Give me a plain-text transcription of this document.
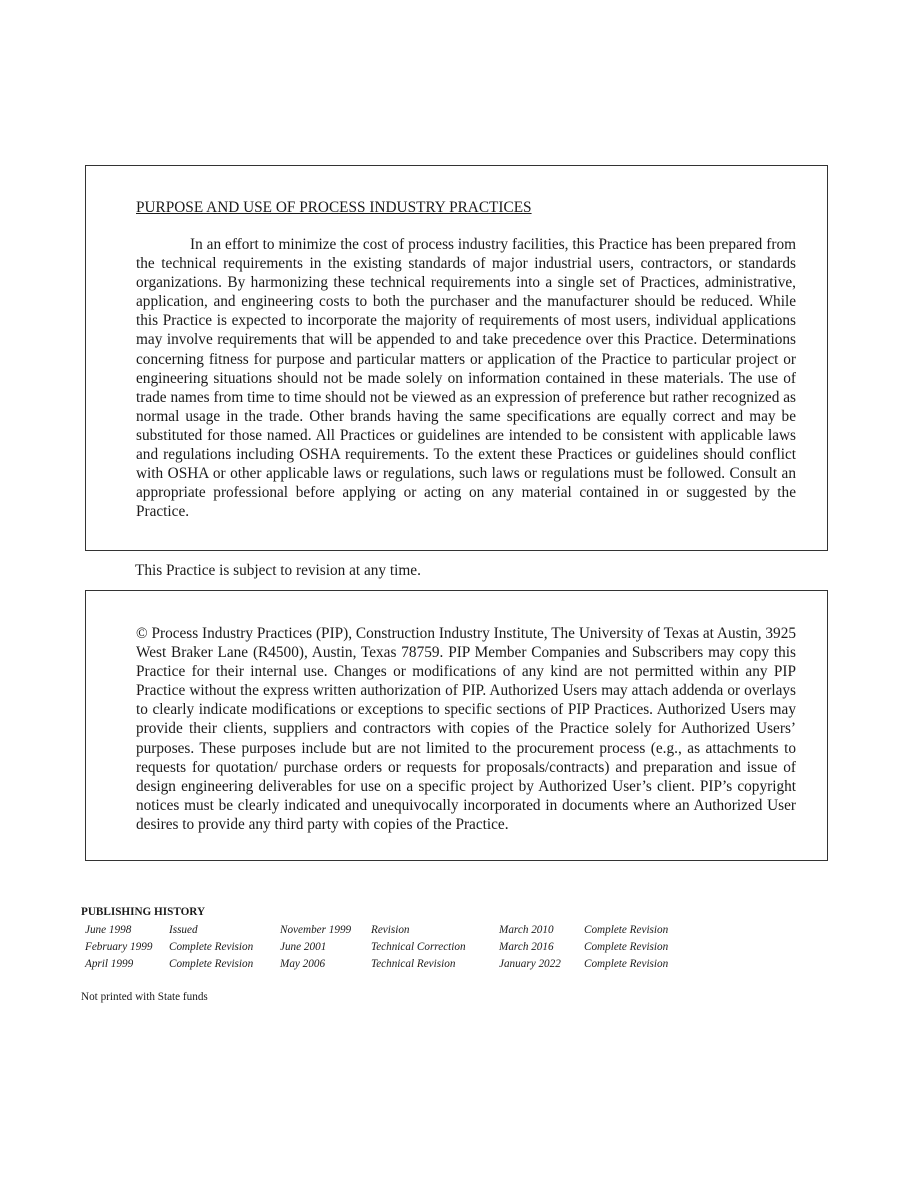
PURPOSE AND USE OF PROCESS INDUSTRY PRACTICES

In an effort to minimize the cost of process industry facilities, this Practice has been prepared from the technical requirements in the existing standards of major industrial users, contractors, or standards organizations. By harmonizing these technical requirements into a single set of Practices, administrative, application, and engineering costs to both the purchaser and the manufacturer should be reduced. While this Practice is expected to incorporate the majority of requirements of most users, individual applications may involve requirements that will be appended to and take precedence over this Practice. Determinations concerning fitness for purpose and particular matters or application of the Practice to particular project or engineering situations should not be made solely on information contained in these materials. The use of trade names from time to time should not be viewed as an expression of preference but rather recognized as normal usage in the trade. Other brands having the same specifications are equally correct and may be substituted for those named. All Practices or guidelines are intended to be consistent with applicable laws and regulations including OSHA requirements. To the extent these Practices or guidelines should conflict with OSHA or other applicable laws or regulations, such laws or regulations must be followed. Consult an appropriate professional before applying or acting on any material contained in or suggested by the Practice.

This Practice is subject to revision at any time.

© Process Industry Practices (PIP), Construction Industry Institute, The University of Texas at Austin, 3925 West Braker Lane (R4500), Austin, Texas 78759. PIP Member Companies and Subscribers may copy this Practice for their internal use. Changes or modifications of any kind are not permitted within any PIP Practice without the express written authorization of PIP. Authorized Users may attach addenda or overlays to clearly indicate modifications or exceptions to specific sections of PIP Practices. Authorized Users may provide their clients, suppliers and contractors with copies of the Practice solely for Authorized Users’ purposes. These purposes include but are not limited to the procurement process (e.g., as attachments to requests for quotation/ purchase orders or requests for proposals/contracts) and preparation and issue of design engineering deliverables for use on a specific project by Authorized User’s client. PIP’s copyright notices must be clearly indicated and unequivocally incorporated in documents where an Authorized User desires to provide any third party with copies of the Practice.

PUBLISHING HISTORY

June 1998	Issued	November 1999	Revision	March 2010	Complete Revision
February 1999	Complete Revision	June 2001	Technical Correction	March 2016	Complete Revision
April 1999	Complete Revision	May 2006	Technical Revision	January 2022	Complete Revision

Not printed with State funds
